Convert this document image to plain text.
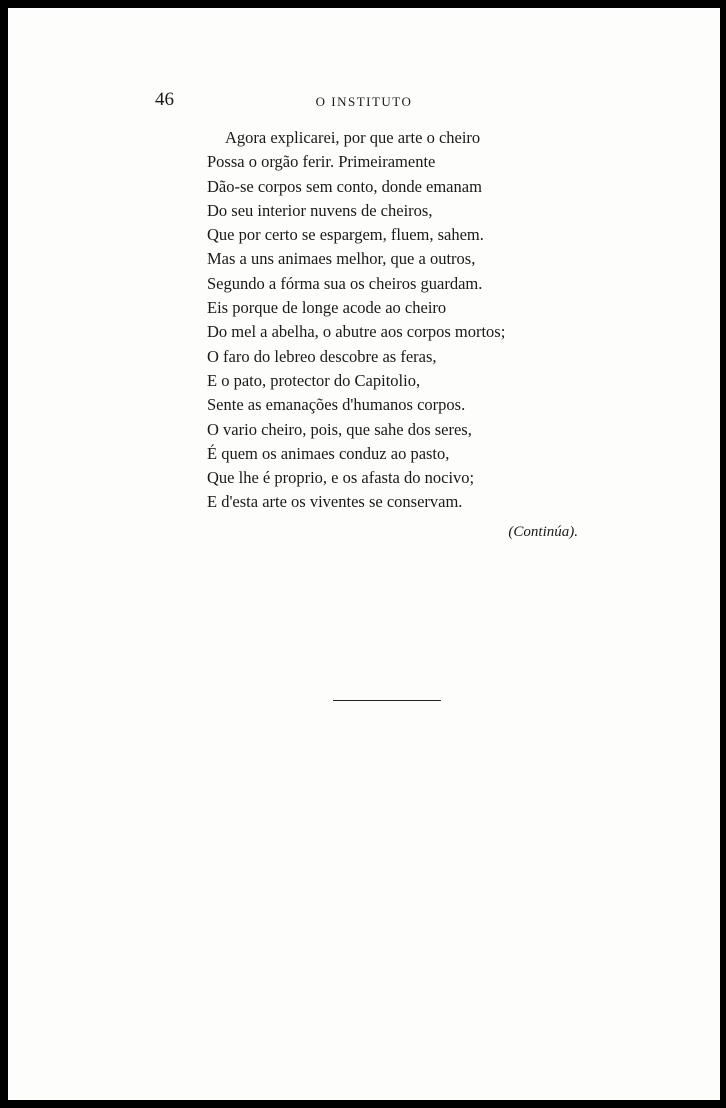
46	O INSTITUTO
Agora explicarei, por que arte o cheiro
Possa o orgão ferir. Primeiramente
Dão-se corpos sem conto, donde emanam
Do seu interior nuvens de cheiros,
Que por certo se espargem, fluem, sahem.
Mas a uns animaes melhor, que a outros,
Segundo a fórma sua os cheiros guardam.
Eis porque de longe acode ao cheiro
Do mel a abelha, o abutre aos corpos mortos;
O faro do lebreo descobre as feras,
E o pato, protector do Capitolio,
Sente as emanações d'humanos corpos.
O vario cheiro, pois, que sahe dos seres,
É quem os animaes conduz ao pasto,
Que lhe é proprio, e os afasta do nocivo;
E d'esta arte os viventes se conservam.
(Continúa).
